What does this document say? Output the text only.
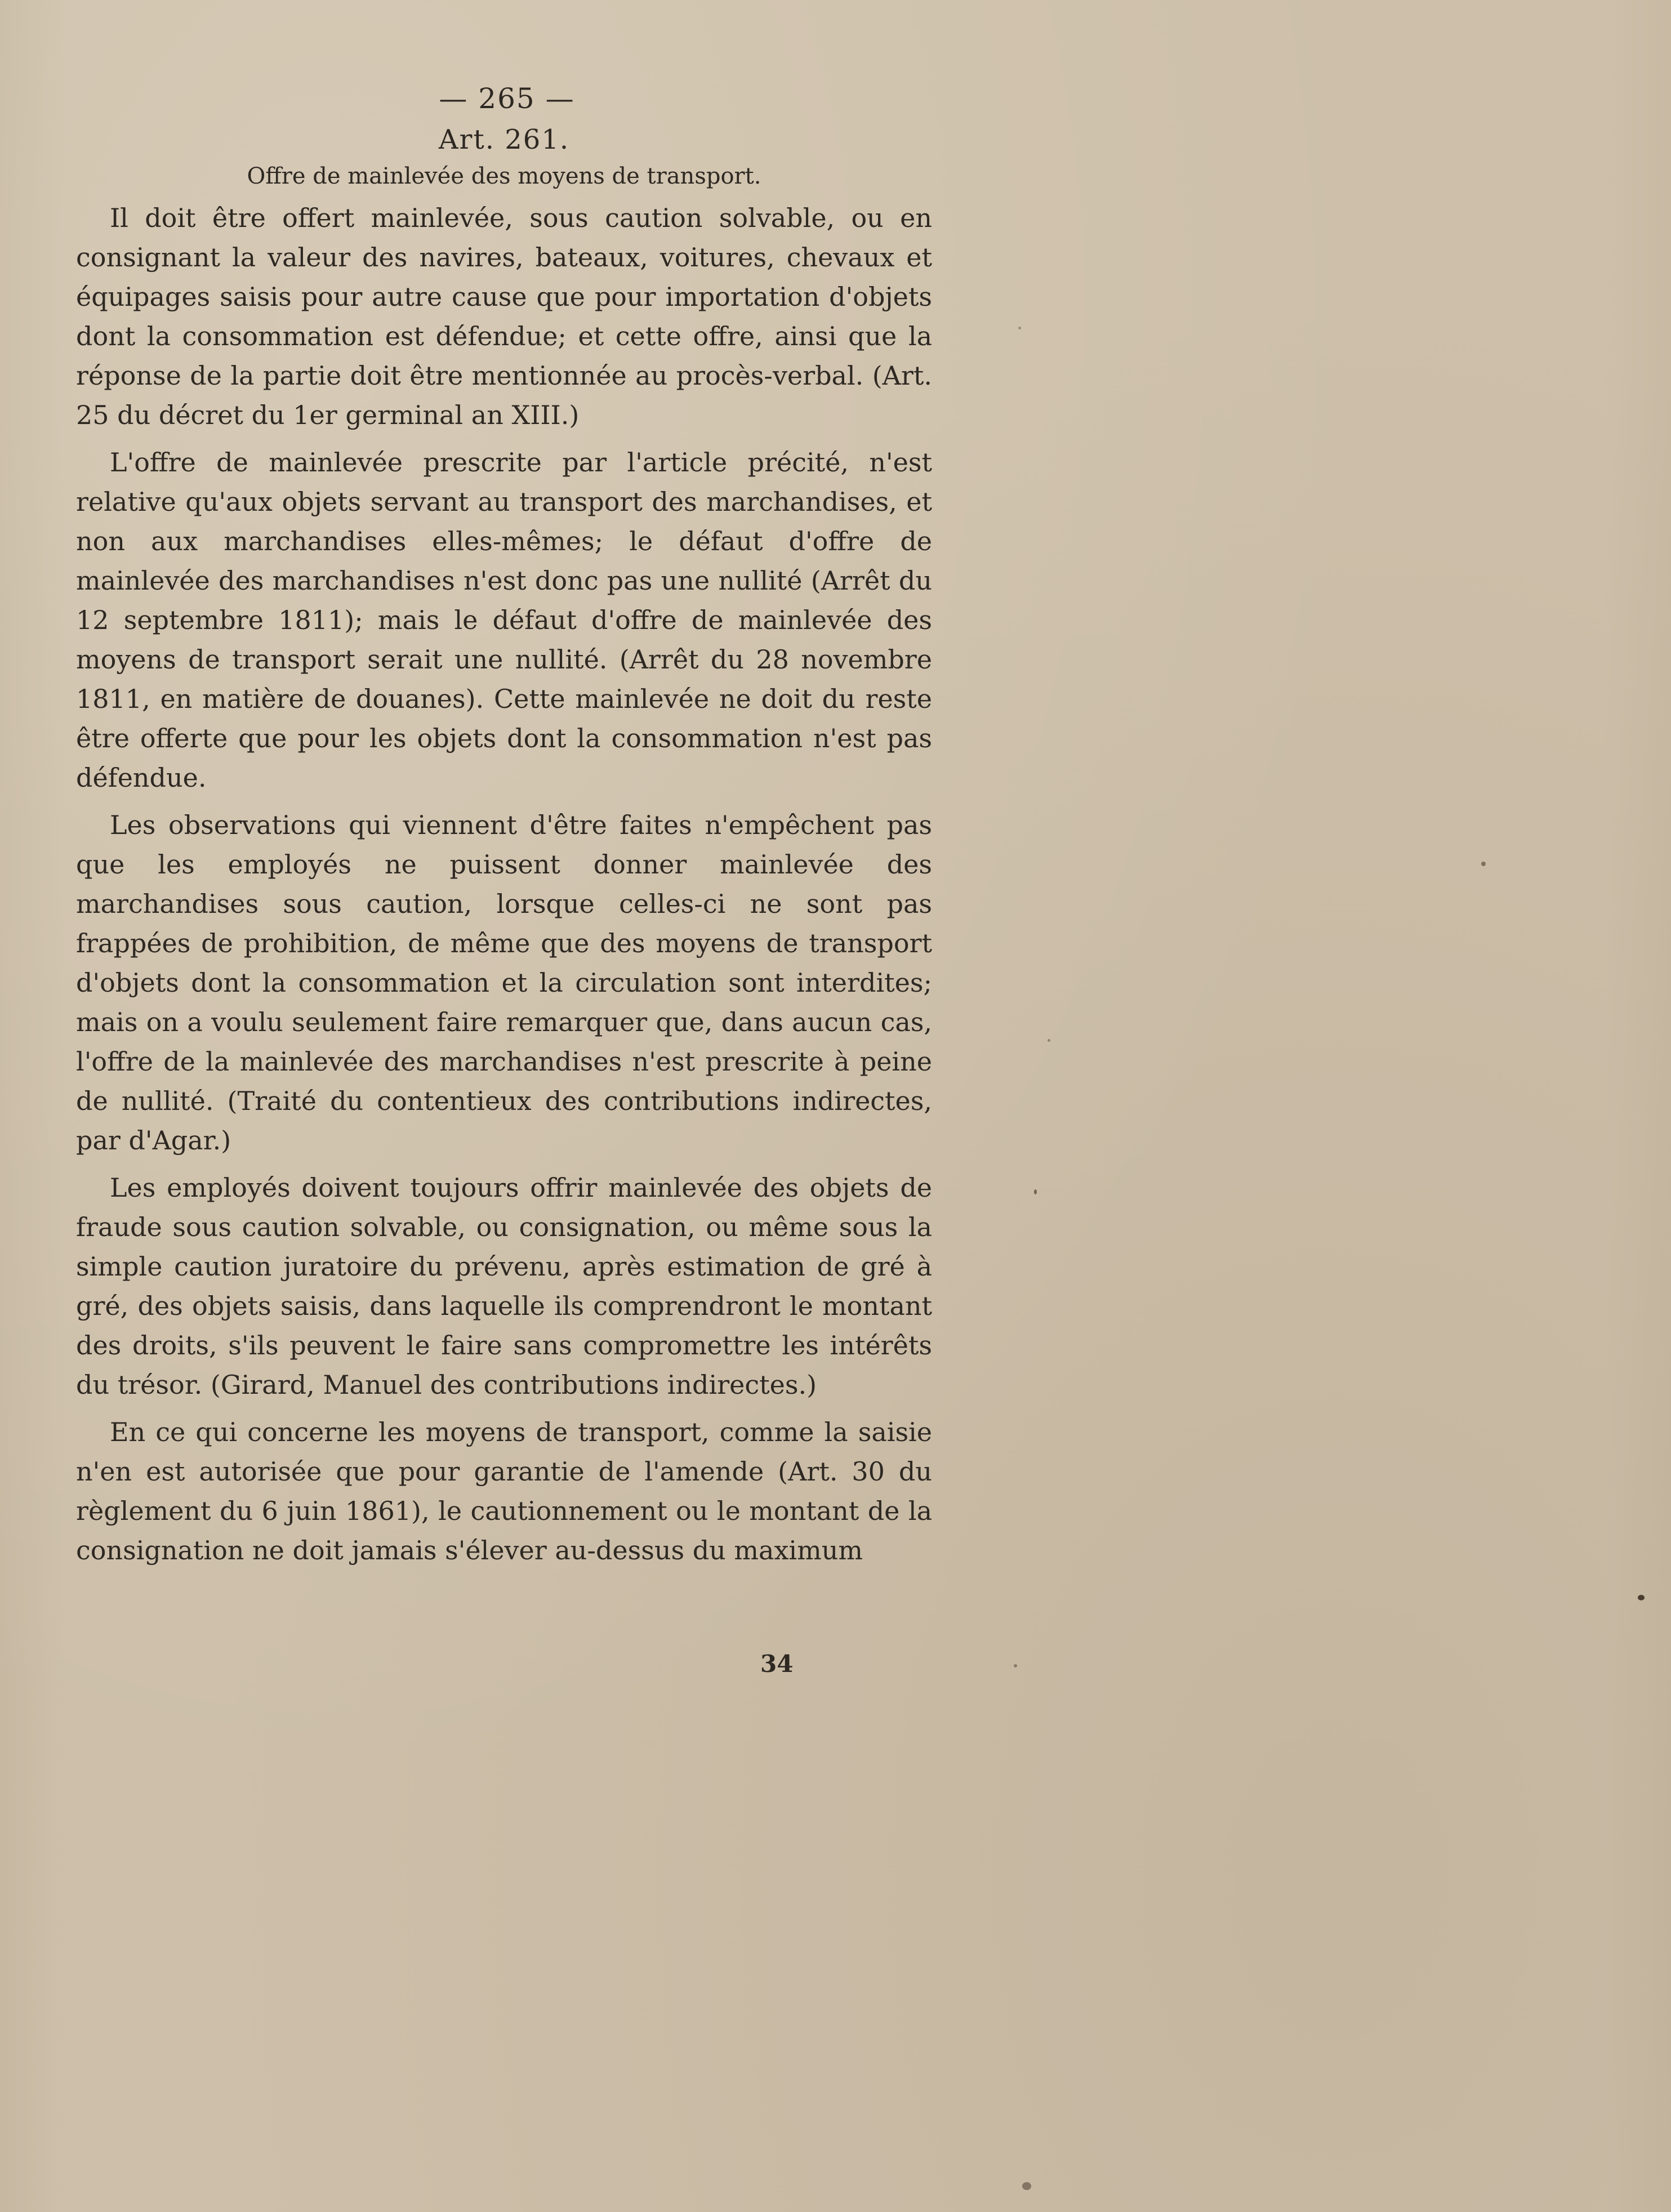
— 265 —
Art. 261.
Offre de mainlevée des moyens de transport.

Il doit être offert mainlevée, sous caution solvable, ou en consignant la valeur des navires, bateaux, voitures, chevaux et équipages saisis pour autre cause que pour importation d'objets dont la consommation est défendue; et cette offre, ainsi que la réponse de la partie doit être mentionnée au procès-verbal. (Art. 25 du décret du 1er germinal an XIII.)

L'offre de mainlevée prescrite par l'article précité, n'est relative qu'aux objets servant au transport des marchandises, et non aux marchandises elles-mêmes; le défaut d'offre de mainlevée des marchandises n'est donc pas une nullité (Arrêt du 12 septembre 1811); mais le défaut d'offre de mainlevée des moyens de transport serait une nullité. (Arrêt du 28 novembre 1811, en matière de douanes). Cette mainlevée ne doit du reste être offerte que pour les objets dont la consommation n'est pas défendue.

Les observations qui viennent d'être faites n'empêchent pas que les employés ne puissent donner mainlevée des marchandises sous caution, lorsque celles-ci ne sont pas frappées de prohibition, de même que des moyens de transport d'objets dont la consommation et la circulation sont interdites; mais on a voulu seulement faire remarquer que, dans aucun cas, l'offre de la mainlevée des marchandises n'est prescrite à peine de nullité. (Traité du contentieux des contributions indirectes, par d'Agar.)

Les employés doivent toujours offrir mainlevée des objets de fraude sous caution solvable, ou consignation, ou même sous la simple caution juratoire du prévenu, après estimation de gré à gré, des objets saisis, dans laquelle ils comprendront le montant des droits, s'ils peuvent le faire sans compromettre les intérêts du trésor. (Girard, Manuel des contributions indirectes.)

En ce qui concerne les moyens de transport, comme la saisie n'en est autorisée que pour garantie de l'amende (Art. 30 du règlement du 6 juin 1861), le cautionnement ou le montant de la consignation ne doit jamais s'élever au-dessus du maximum

34
